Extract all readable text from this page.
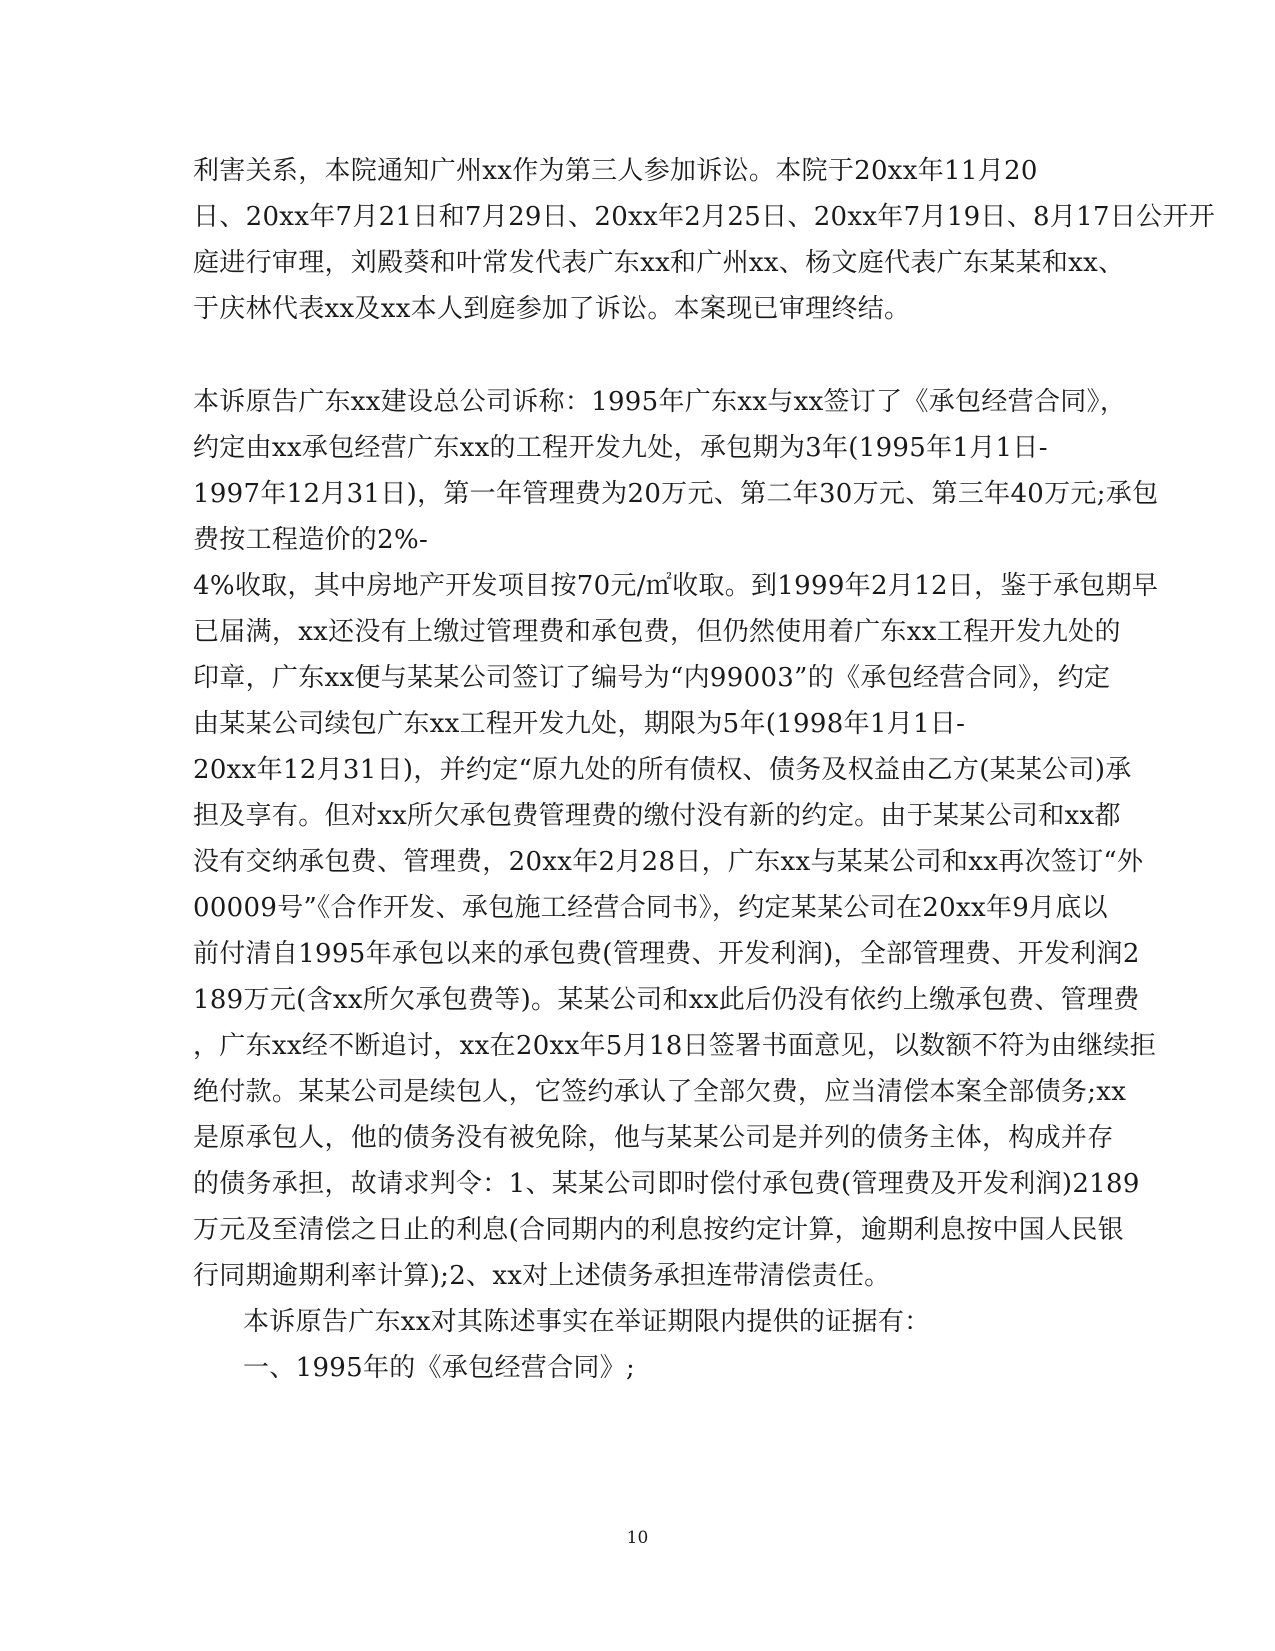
利害关系，本院通知广州xx作为第三人参加诉讼。本院于20xx年11月20
日、20xx年7月21日和7月29日、20xx年2月25日、20xx年7月19日、8月17日公开开
庭进行审理，刘殿葵和叶常发代表广东xx和广州xx、杨文庭代表广东某某和xx、
于庆林代表xx及xx本人到庭参加了诉讼。本案现已审理终结。
本诉原告广东xx建设总公司诉称：1995年广东xx与xx签订了《承包经营合同》，
约定由xx承包经营广东xx的工程开发九处，承包期为3年(1995年1月1日-
1997年12月31日)，第一年管理费为20万元、第二年30万元、第三年40万元;承包
费按工程造价的2%-
4%收取，其中房地产开发项目按70元/㎡收取。到1999年2月12日，鉴于承包期早
已届满，xx还没有上缴过管理费和承包费，但仍然使用着广东xx工程开发九处的
印章，广东xx便与某某公司签订了编号为“内99003”的《承包经营合同》，约定
由某某公司续包广东xx工程开发九处，期限为5年(1998年1月1日-
20xx年12月31日)，并约定“原九处的所有债权、债务及权益由乙方(某某公司)承
担及享有。但对xx所欠承包费管理费的缴付没有新的约定。由于某某公司和xx都
没有交纳承包费、管理费，20xx年2月28日，广东xx与某某公司和xx再次签订“外
00009号”《合作开发、承包施工经营合同书》，约定某某公司在20xx年9月底以
前付清自1995年承包以来的承包费(管理费、开发利润)，全部管理费、开发利润2
189万元(含xx所欠承包费等)。某某公司和xx此后仍没有依约上缴承包费、管理费
，广东xx经不断追讨，xx在20xx年5月18日签署书面意见，以数额不符为由继续拒
绝付款。某某公司是续包人，它签约承认了全部欠费，应当清偿本案全部债务;xx
是原承包人，他的债务没有被免除，他与某某公司是并列的债务主体，构成并存
的债务承担，故请求判令：1、某某公司即时偿付承包费(管理费及开发利润)2189
万元及至清偿之日止的利息(合同期内的利息按约定计算，逾期利息按中国人民银
行同期逾期利率计算);2、xx对上述债务承担连带清偿责任。
本诉原告广东xx对其陈述事实在举证期限内提供的证据有：
一、1995年的《承包经营合同》;
10
